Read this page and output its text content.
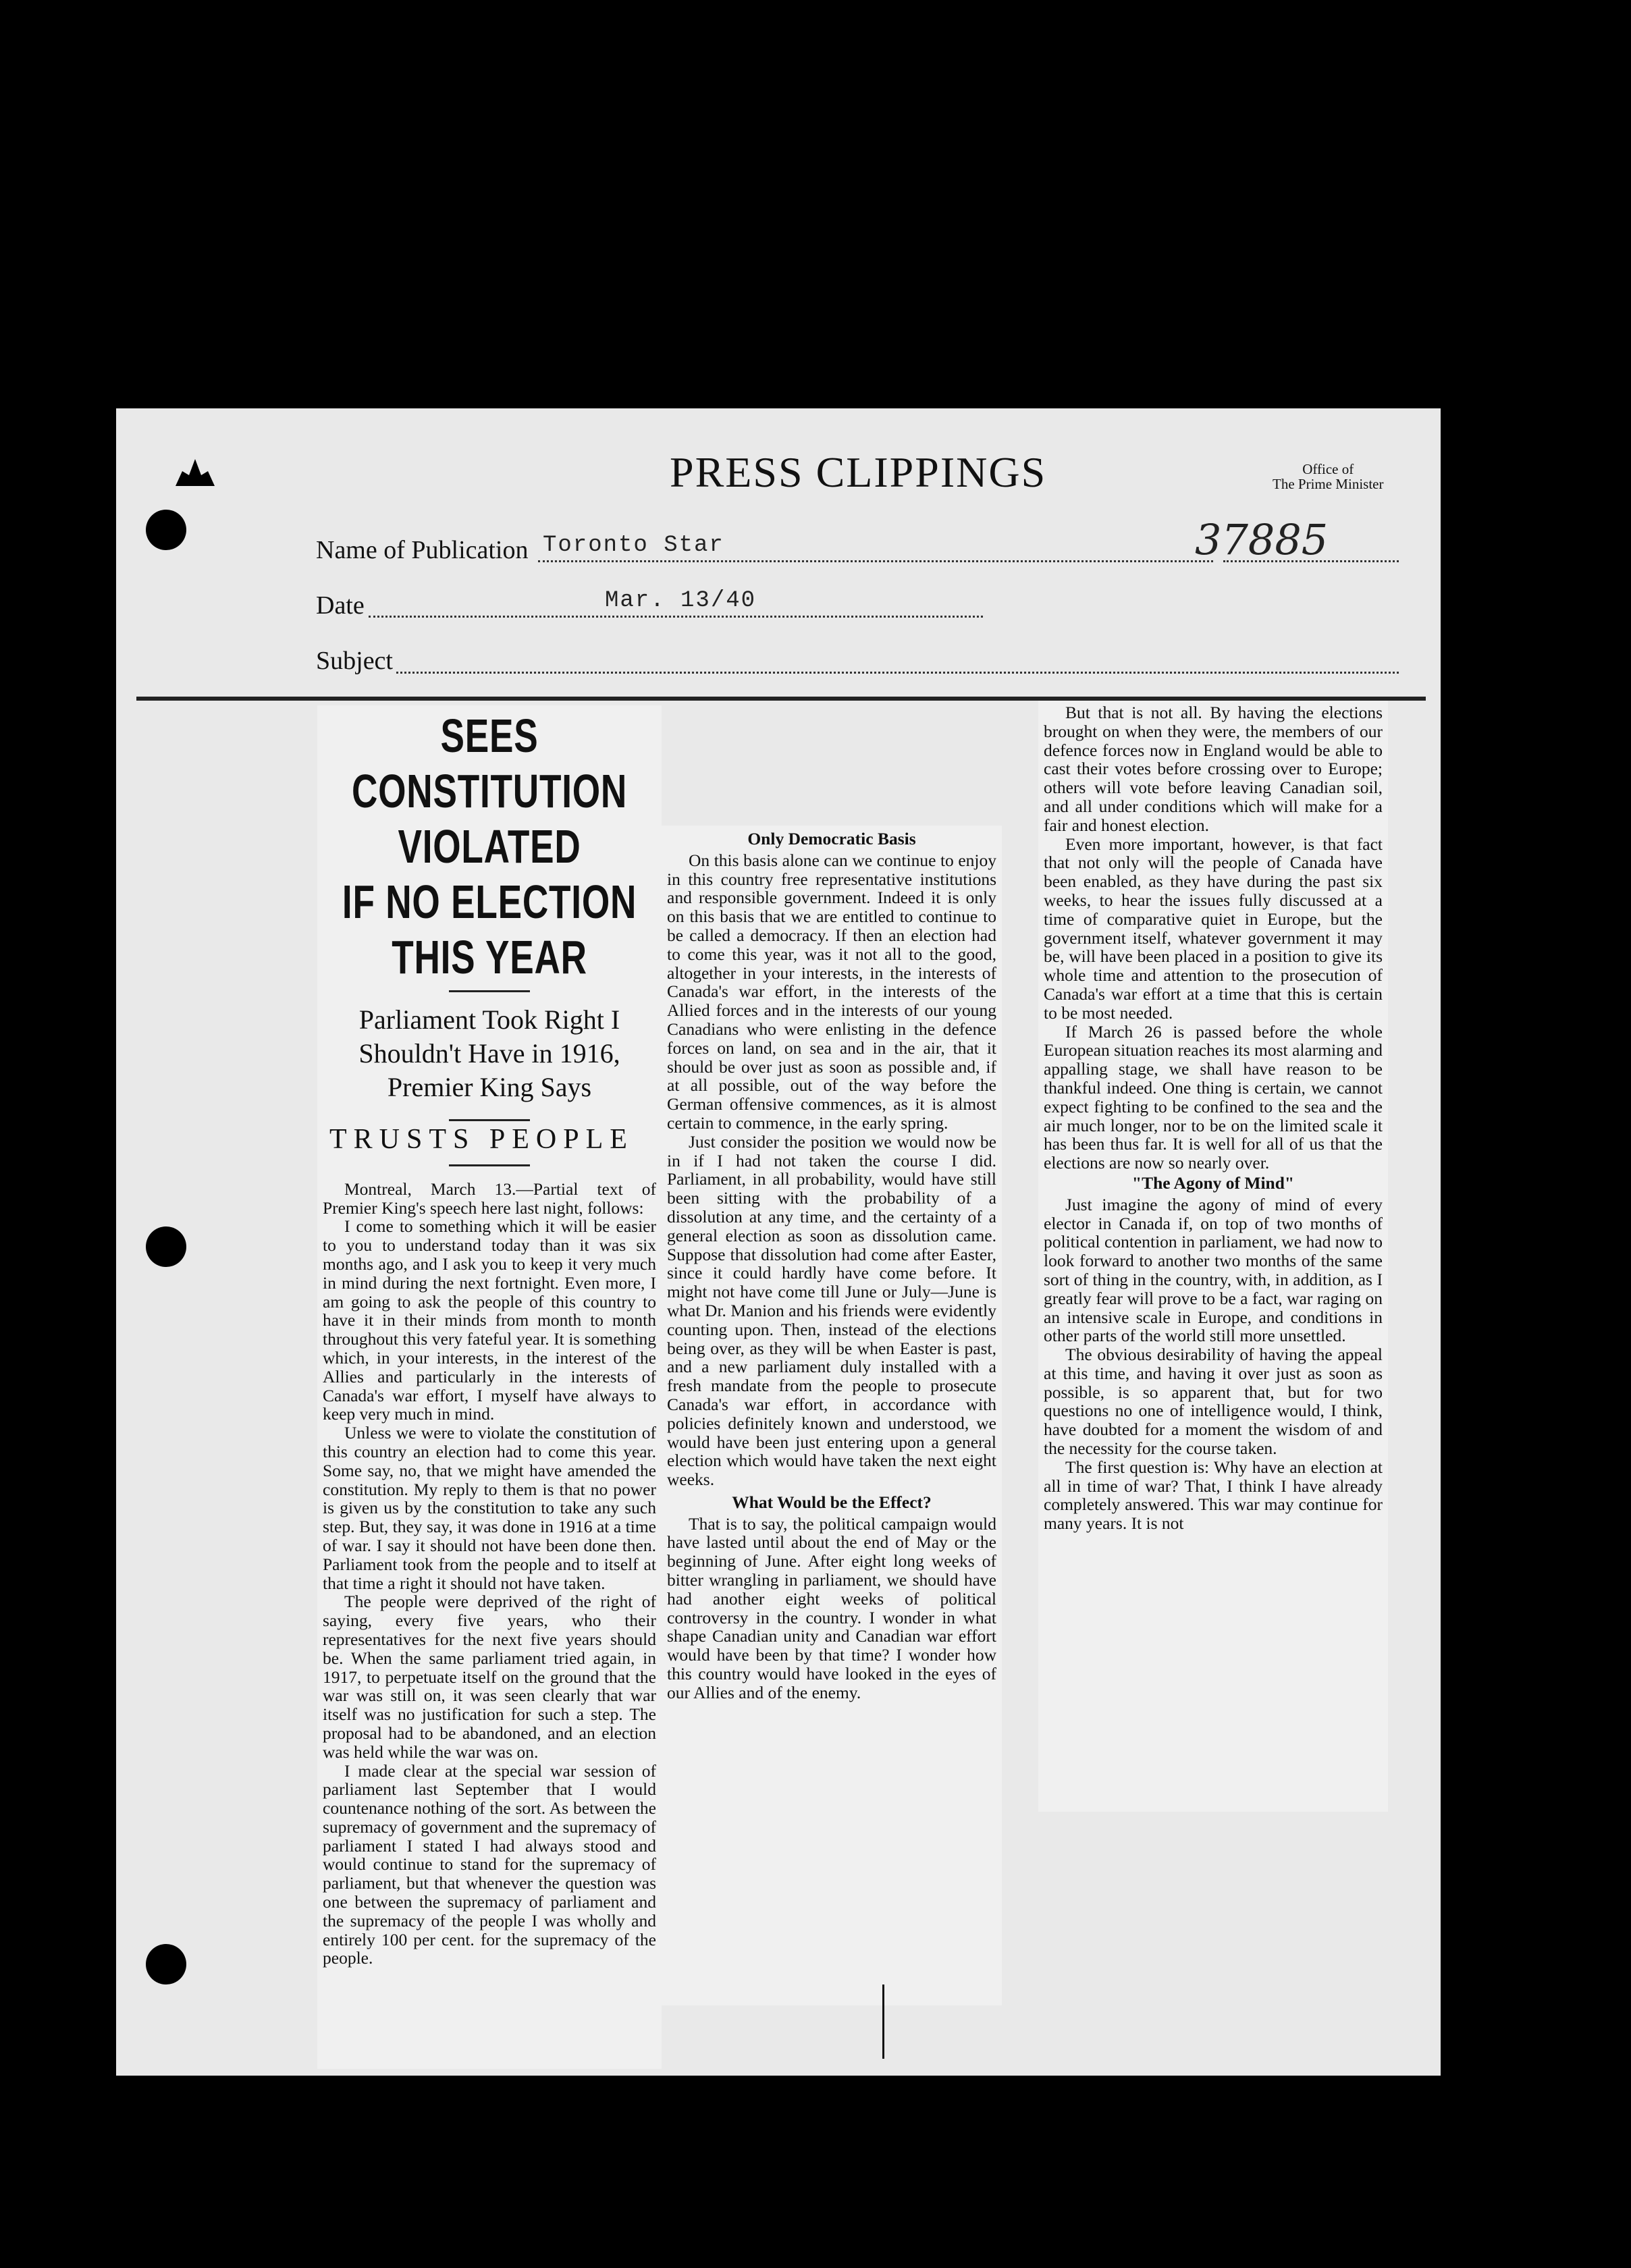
PRESS CLIPPINGS	Office of
The Prime Minister
Name of Publication Toronto Star	37885
Date	Mar. 13/40
Subject
SEES CONSTITUTION VIOLATED
IF NO ELECTION THIS YEAR
Parliament Took Right I
Shouldn't Have in 1916,
Premier King Says
TRUSTS PEOPLE

Montreal, March 13.—Partial text of Premier King's speech here last night, follows:

I come to something which it will be easier to you to understand today than it was six months ago, and I ask you to keep it very much in mind during the next fortnight. Even more, I am going to ask the people of this country to have it in their minds from month to month throughout this very fateful year. It is something which, in your interests, in the interest of the Allies and particularly in the interests of Canada's war effort, I myself have always to keep very much in mind.

Unless we were to violate the constitution of this country an election had to come this year. Some say, no, that we might have amended the constitution. My reply to them is that no power is given us by the constitution to take any such step. But, they say, it was done in 1916 at a time of war. I say it should not have been done then. Parliament took from the people and to itself at that time a right it should not have taken.

The people were deprived of the right of saying, every five years, who their representatives for the next five years should be. When the same parliament tried again, in 1917, to perpetuate itself on the ground that the war was still on, it was seen clearly that war itself was no justification for such a step. The proposal had to be abandoned, and an election was held while the war was on.

I made clear at the special war session of parliament last September that I would countenance nothing of the sort. As between the supremacy of government and the supremacy of parliament I stated I had always stood and would continue to stand for the supremacy of parliament, but that whenever the question was one between the supremacy of parliament and the supremacy of the people I was wholly and entirely 100 per cent. for the supremacy of the people.

Only Democratic Basis

On this basis alone can we continue to enjoy in this country free representative institutions and responsible government. Indeed it is only on this basis that we are entitled to continue to be called a democracy. If then an election had to come this year, was it not all to the good, altogether in your interests, in the interests of Canada's war effort, in the interests of the Allied forces and in the interests of our young Canadians who were enlisting in the defence forces on land, on sea and in the air, that it should be over just as soon as possible and, if at all possible, out of the way before the German offensive commences, as it is almost certain to commence, in the early spring.

Just consider the position we would now be in if I had not taken the course I did. Parliament, in all probability, would have still been sitting with the probability of a dissolution at any time, and the certainty of a general election as soon as dissolution came. Suppose that dissolution had come after Easter, since it could hardly have come before. It might not have come till June or July—June is what Dr. Manion and his friends were evidently counting upon. Then, instead of the elections being over, as they will be when Easter is past, and a new parliament duly installed with a fresh mandate from the people to prosecute Canada's war effort, in accordance with policies definitely known and understood, we would have been just entering upon a general election which would have taken the next eight weeks.

What Would be the Effect?

That is to say, the political campaign would have lasted until about the end of May or the beginning of June. After eight long weeks of bitter wrangling in parliament, we should have had another eight weeks of political controversy in the country. I wonder in what shape Canadian unity and Canadian war effort would have been by that time? I wonder how this country would have looked in the eyes of our Allies and of the enemy.

But that is not all. By having the elections brought on when they were, the members of our defence forces now in England would be able to cast their votes before crossing over to Europe; others will vote before leaving Canadian soil, and all under conditions which will make for a fair and honest election.

Even more important, however, is that fact that not only will the people of Canada have been enabled, as they have during the past six weeks, to hear the issues fully discussed at a time of comparative quiet in Europe, but the government itself, whatever government it may be, will have been placed in a position to give its whole time and attention to the prosecution of Canada's war effort at a time that this is certain to be most needed.

If March 26 is passed before the whole European situation reaches its most alarming and appalling stage, we shall have reason to be thankful indeed. One thing is certain, we cannot expect fighting to be confined to the sea and the air much longer, nor to be on the limited scale it has been thus far. It is well for all of us that the elections are now so nearly over.

"The Agony of Mind"

Just imagine the agony of mind of every elector in Canada if, on top of two months of political contention in parliament, we had now to look forward to another two months of the same sort of thing in the country, with, in addition, as I greatly fear will prove to be a fact, war raging on an intensive scale in Europe, and conditions in other parts of the world still more unsettled.

The obvious desirability of having the appeal at this time, and having it over just as soon as possible, is so apparent that, but for two questions no one of intelligence would, I think, have doubted for a moment the wisdom of and the necessity for the course taken.

The first question is: Why have an election at all in time of war? That, I think I have already completely answered. This war may continue for many years. It is not
